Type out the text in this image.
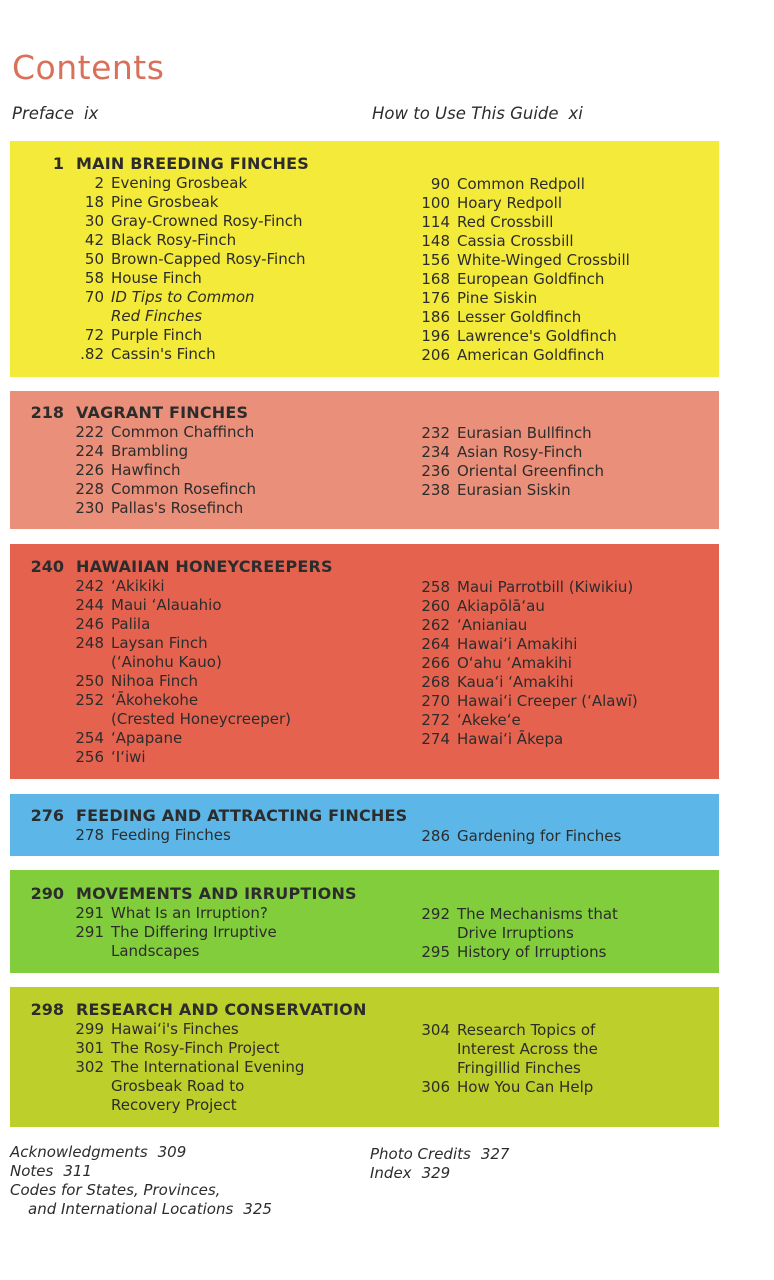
Contents
Preface ix	How to Use This Guide xi
1 MAIN BREEDING FINCHES
2 Evening Grosbeak
18 Pine Grosbeak
30 Gray-Crowned Rosy-Finch
42 Black Rosy-Finch
50 Brown-Capped Rosy-Finch
58 House Finch
70 ID Tips to Common
Red Finches
72 Purple Finch
.82 Cassin's Finch
90 Common Redpoll
100 Hoary Redpoll
114 Red Crossbill
148 Cassia Crossbill
156 White-Winged Crossbill
168 European Goldfinch
176 Pine Siskin
186 Lesser Goldfinch
196 Lawrence's Goldfinch
206 American Goldfinch
218 VAGRANT FINCHES
222 Common Chaffinch
224 Brambling
226 Hawfinch
228 Common Rosefinch
230 Pallas's Rosefinch
232 Eurasian Bullfinch
234 Asian Rosy-Finch
236 Oriental Greenfinch
238 Eurasian Siskin
240 HAWAIIAN HONEYCREEPERS
242 ʻAkikiki
244 Maui ʻAlauahio
246 Palila
248 Laysan Finch
(ʻAinohu Kauo)
250 Nihoa Finch
252 ʻĀkohekohe
(Crested Honeycreeper)
254 ʻApapane
256 ʻIʻiwi
258 Maui Parrotbill (Kiwikiu)
260 Akiapōlāʻau
262 ʻAnianiau
264 Hawaiʻi Amakihi
266 Oʻahu ʻAmakihi
268 Kauaʻi ʻAmakihi
270 Hawaiʻi Creeper (ʻAlawī)
272 ʻAkekeʻe
274 Hawaiʻi Ākepa
276 FEEDING AND ATTRACTING FINCHES
278 Feeding Finches	286 Gardening for Finches
290 MOVEMENTS AND IRRUPTIONS
291 What Is an Irruption?
291 The Differing Irruptive
Landscapes
292 The Mechanisms that
Drive Irruptions
295 History of Irruptions
298 RESEARCH AND CONSERVATION
299 Hawaiʻi's Finches
301 The Rosy-Finch Project
302 The International Evening
Grosbeak Road to
Recovery Project
304 Research Topics of
Interest Across the
Fringillid Finches
306 How You Can Help
Acknowledgments 309
Notes 311
Codes for States, Provinces,
and International Locations 325
Photo Credits 327
Index 329
